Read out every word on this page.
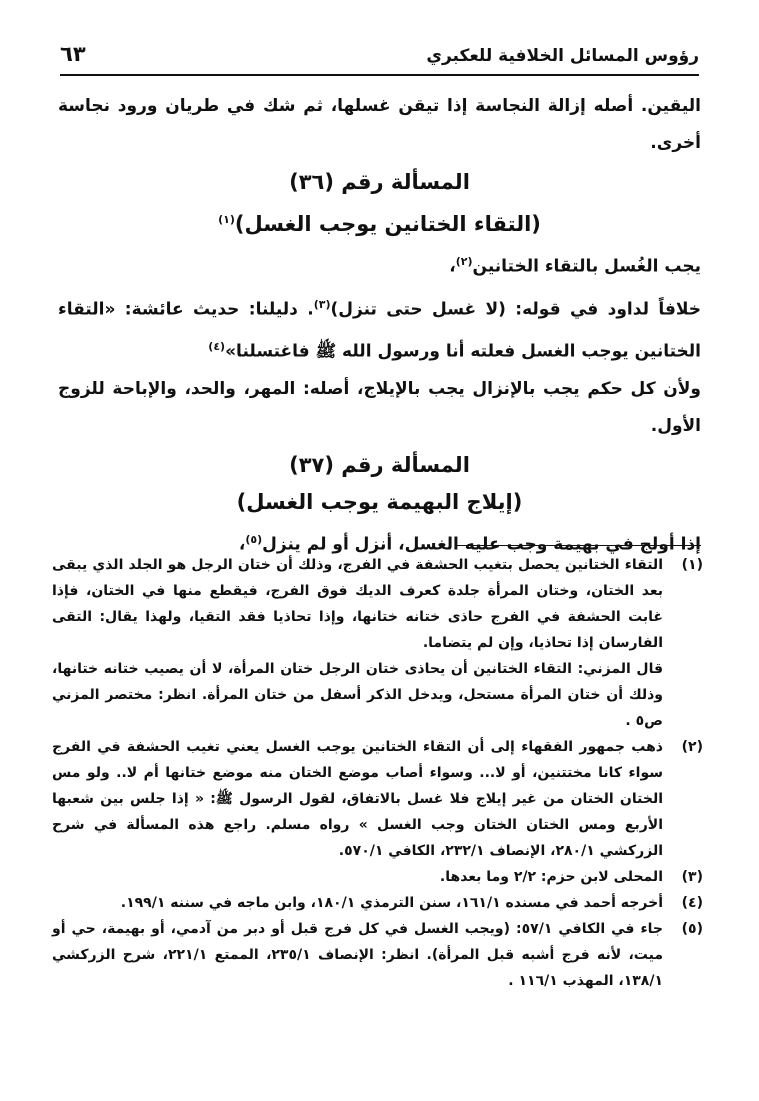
رؤوس المسائل الخلافية للعكبري
٦٣

اليقين. أصله إزالة النجاسة إذا تيقن غسلها، ثم شك في طريان ورود نجاسة أخرى.

المسألة رقم (٣٦)

(التقاء الختانين يوجب الغسل)$^{(١)}$

يجب الغُسل بالتقاء الختانين$^{(٢)}$،

خلافاً لداود في قوله: (لا غسل حتى تنزل)$^{(٣)}$. دليلنا: حديث عائشة: «التقاء الختانين يوجب الغسل فعلته أنا ورسول الله ﷺ فاغتسلنا»$^{(٤)}$

ولأن كل حكم يجب بالإنزال يجب بالإيلاج، أصله: المهر، والحد، والإباحة للزوج الأول.

المسألة رقم (٣٧)

(إيلاج البهيمة يوجب الغسل)

إذا أولج في بهيمة وجب عليه الغسل، أنزل أو لم ينزل$^{(٥)}$،

(١)

التقاء الختانين يحصل بتغيب الحشفة في الفرج، وذلك أن ختان الرجل هو الجلد الذي يبقى بعد الختان، وختان المرأة جلدة كعرف الديك فوق الفرج، فيقطع منها في الختان، فإذا غابت الحشفة في الفرج حاذى ختانه ختانها، وإذا تحاذيا فقد التقيا، ولهذا يقال: التقى الفارسان إذا تحاذيا، وإن لم يتضاما.

قال المزني: التقاء الختانين أن يحاذى ختان الرجل ختان المرأة، لا أن يصيب ختانه ختانها، وذلك أن ختان المرأة مستحل، ويدخل الذكر أسفل من ختان المرأة. انظر: مختصر المزني ص٥ .

(٢)

ذهب جمهور الفقهاء إلى أن التقاء الختانين يوجب الغسل يعني تغيب الحشفة في الفرج سواء كانا مختتنين، أو لا... وسواء أصاب موضع الختان منه موضع ختانها أم لا.. ولو مس الختان الختان من غير إيلاج فلا غسل بالاتفاق، لقول الرسول ﷺ: « إذا جلس بين شعبها الأربع ومس الختان الختان وجب الغسل » رواه مسلم. راجع هذه المسألة في شرح الزركشي ٢٨٠/١، الإنصاف ٢٣٢/١، الكافي ٥٧٠/١.

(٣)

المحلى لابن حزم: ٢/٢ وما بعدها.

(٤)

أخرجه أحمد في مسنده ١٦١/١، سنن الترمذي ١٨٠/١، وابن ماجه في سننه ١٩٩/١.

(٥)

جاء في الكافي ٥٧/١: (ويجب الغسل في كل فرج قبل أو دبر من آدمي، أو بهيمة، حي أو ميت، لأنه فرج أشبه قبل المرأة). انظر: الإنصاف ٢٣٥/١، الممتع ٢٢١/١، شرح الزركشي ١٣٨/١، المهذب ١١٦/١ .
